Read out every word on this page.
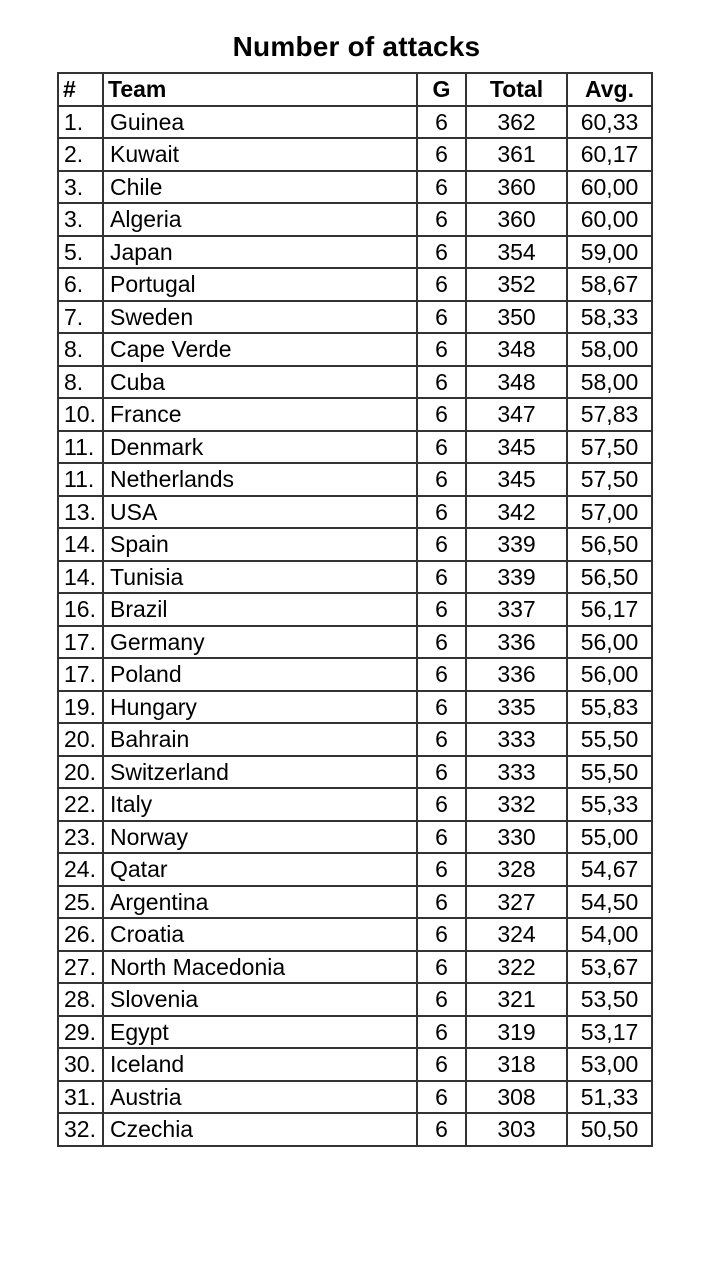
Number of attacks
#	Team	G	Total	Avg.
1.	Guinea	6	362	60,33
2.	Kuwait	6	361	60,17
3.	Chile	6	360	60,00
3.	Algeria	6	360	60,00
5.	Japan	6	354	59,00
6.	Portugal	6	352	58,67
7.	Sweden	6	350	58,33
8.	Cape Verde	6	348	58,00
8.	Cuba	6	348	58,00
10.	France	6	347	57,83
11.	Denmark	6	345	57,50
11.	Netherlands	6	345	57,50
13.	USA	6	342	57,00
14.	Spain	6	339	56,50
14.	Tunisia	6	339	56,50
16.	Brazil	6	337	56,17
17.	Germany	6	336	56,00
17.	Poland	6	336	56,00
19.	Hungary	6	335	55,83
20.	Bahrain	6	333	55,50
20.	Switzerland	6	333	55,50
22.	Italy	6	332	55,33
23.	Norway	6	330	55,00
24.	Qatar	6	328	54,67
25.	Argentina	6	327	54,50
26.	Croatia	6	324	54,00
27.	North Macedonia	6	322	53,67
28.	Slovenia	6	321	53,50
29.	Egypt	6	319	53,17
30.	Iceland	6	318	53,00
31.	Austria	6	308	51,33
32.	Czechia	6	303	50,50
